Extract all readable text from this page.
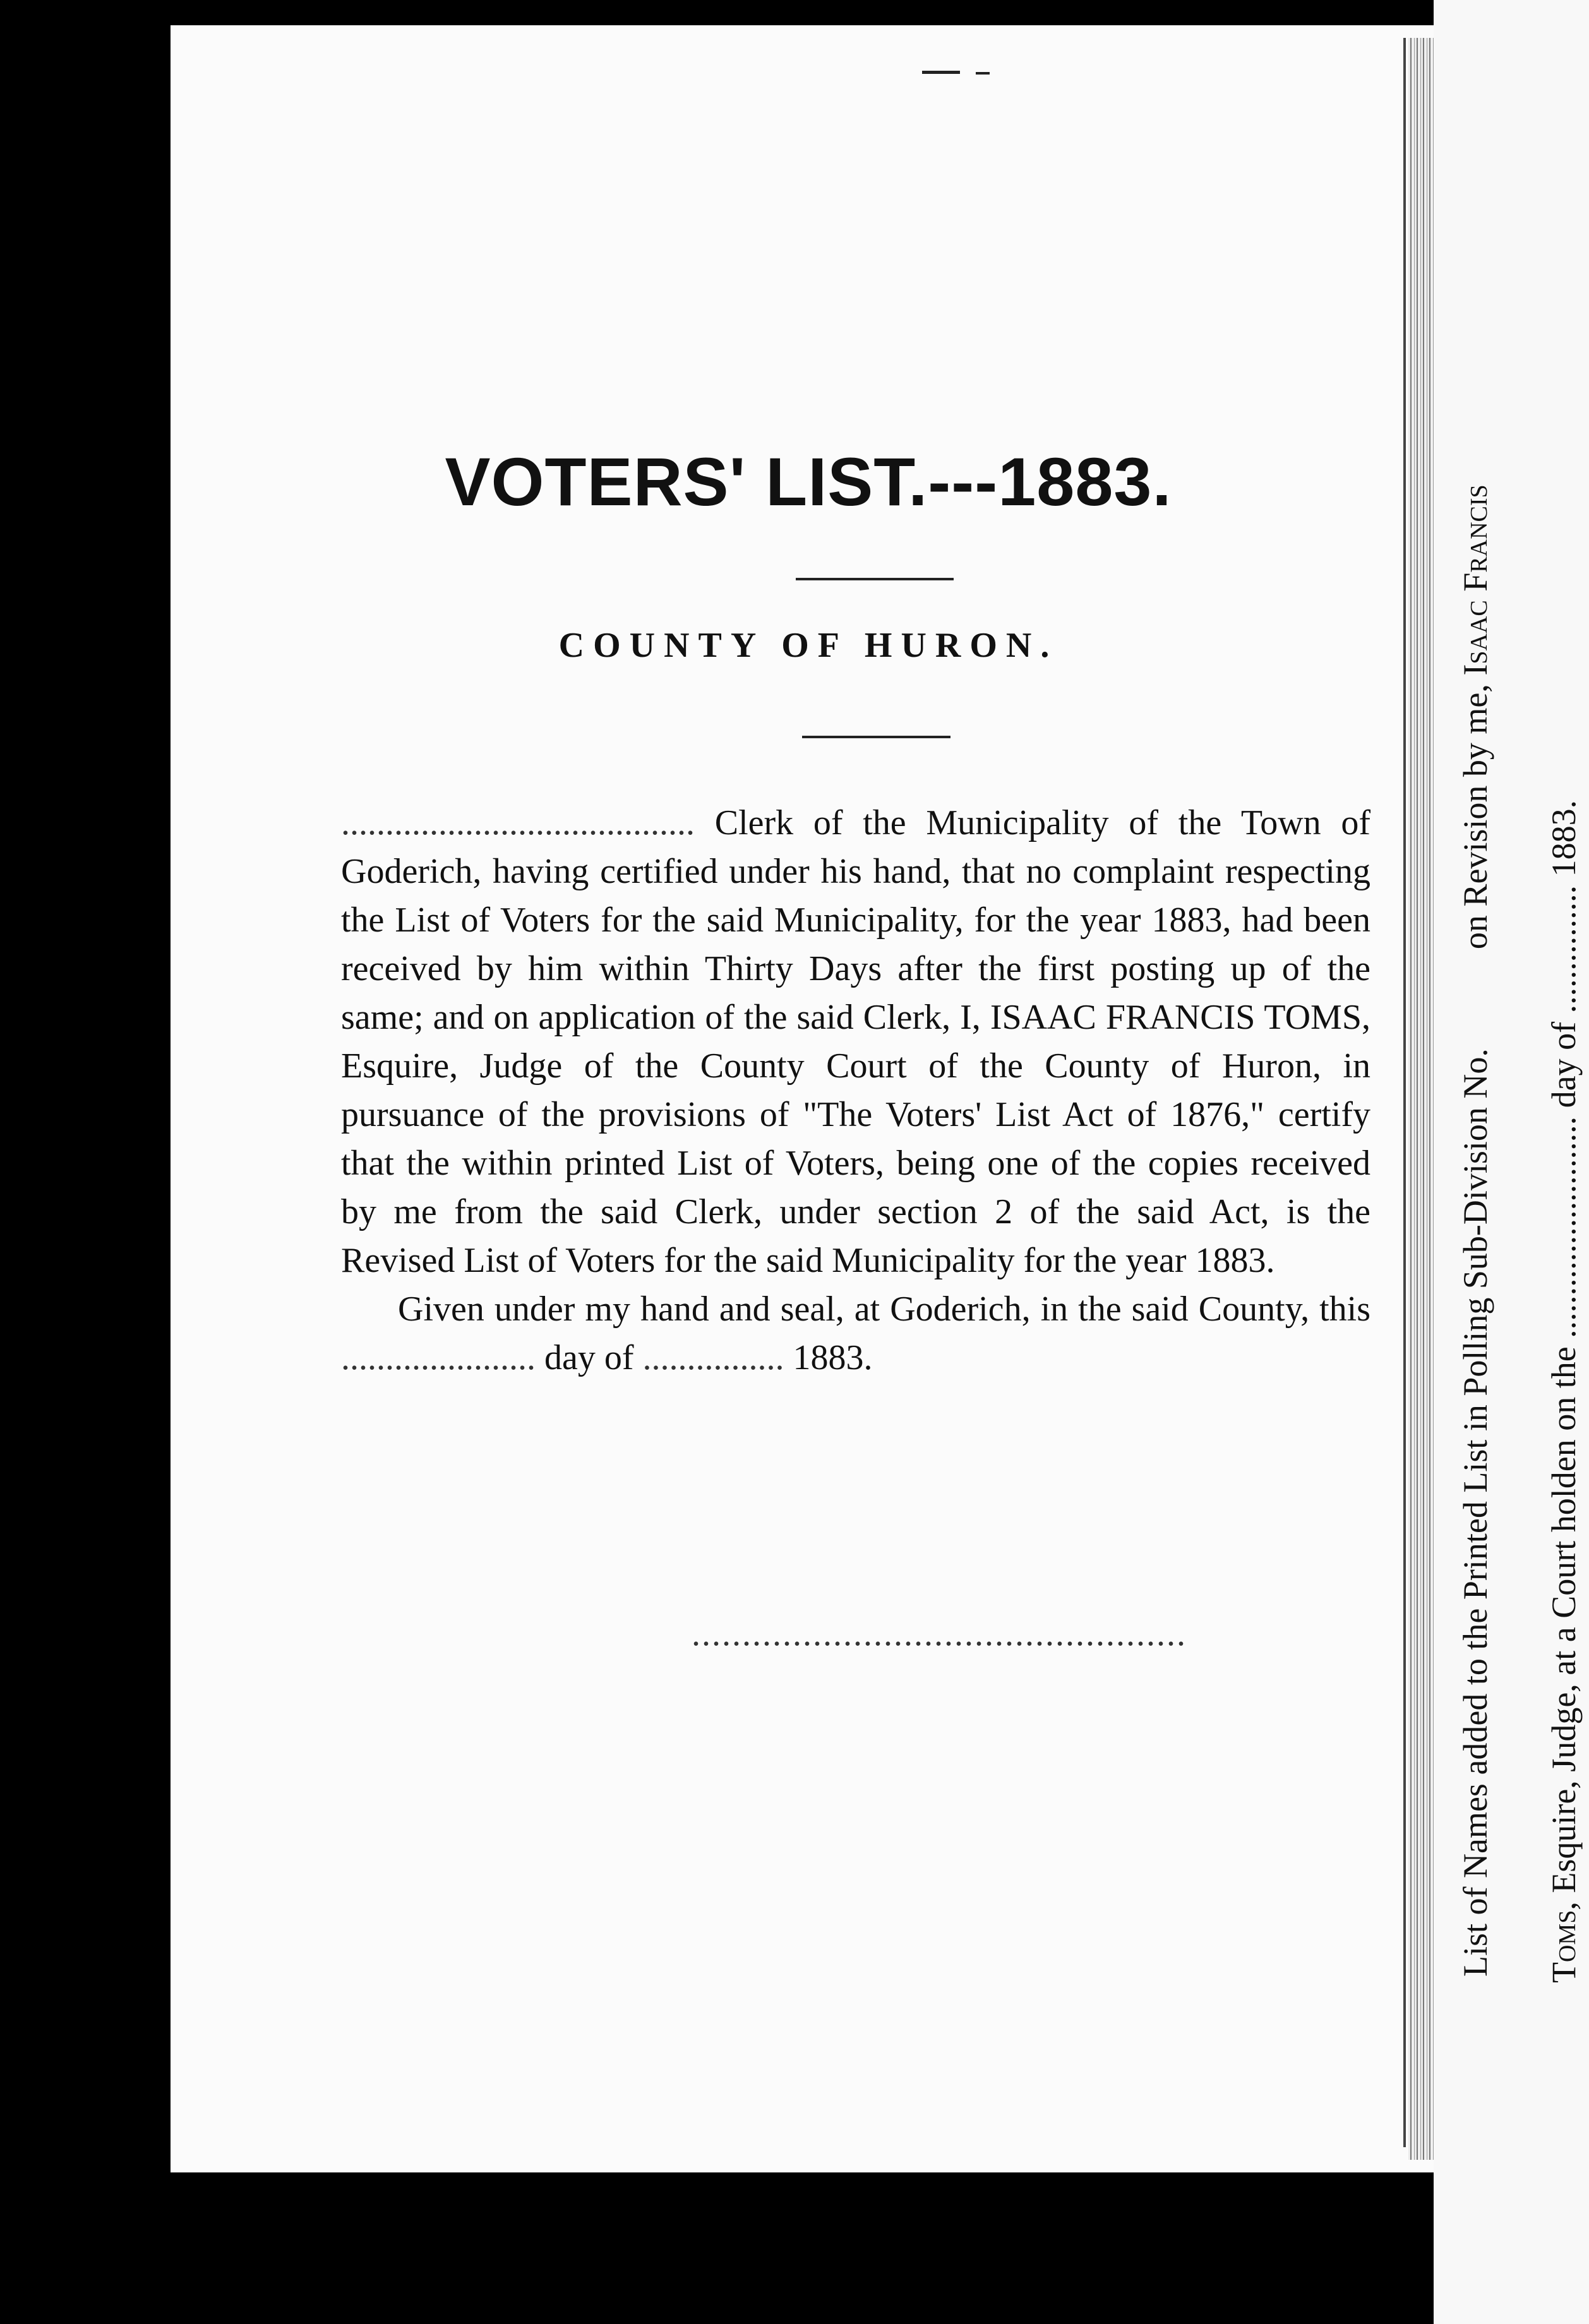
VOTERS' LIST.---1883.
COUNTY OF HURON.

........................................ Clerk of the Municipality of the Town of Goderich, having certified under his hand, that no complaint respecting the List of Voters for the said Municipality, for the year 1883, had been received by him within Thirty Days after the first posting up of the same; and on application of the said Clerk, I, ISAAC FRANCIS TOMS, Esquire, Judge of the County Court of the County of Huron, in pursuance of the provisions of "The Voters' List Act of 1876," certify that the within printed List of Voters, being one of the copies received by me from the said Clerk, under section 2 of the said Act, is the Revised List of Voters for the said Municipality for the year 1883.

Given under my hand and seal, at Goderich, in the said County, this ...................... day of ................ 1883.

.................................................	List of Names added to the Printed List in Polling Sub-Division No.  on Revision by me, Isaac Francis

Toms, Esquire, Judge, at a Court holden on the .......................... day of ............... 1883.
